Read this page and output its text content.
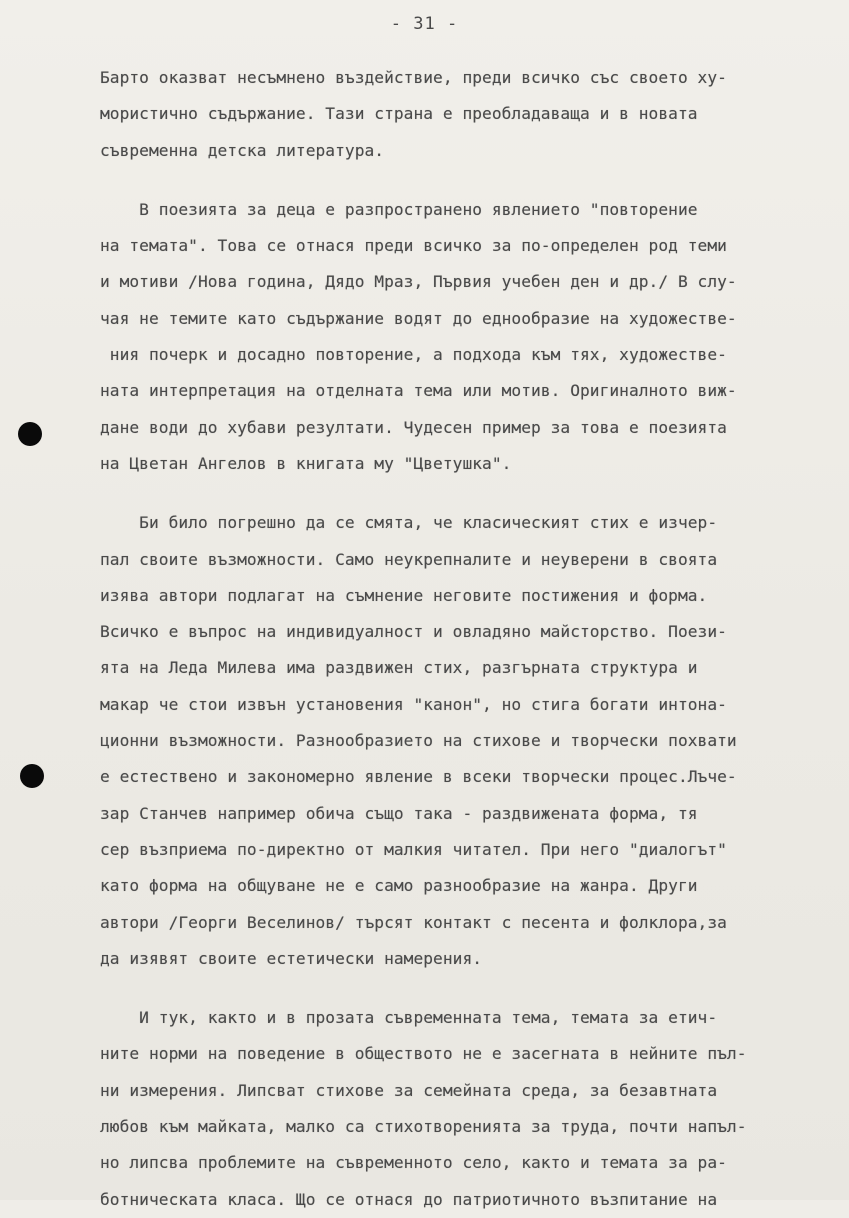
- 31 -
Барто оказват несъмнено въздействие, преди всичко със своето ху-
мористично съдържание. Тази страна е преобладаваща и в новата
съвременна детска литература.
В поезията за деца е разпространено явлението "повторение
на темата". Това се отнася преди всичко за по-определен род теми
и мотиви /Нова година, Дядо Мраз, Първия учебен ден и др./ В слу-
чая не темите като съдържание водят до еднообразие на художестве-
ния почерк и досадно повторение, а подхода към тях, художестве-
ната интерпретация на отделната тема или мотив. Оригиналното виж-
дане води до хубави резултати. Чудесен пример за това е поезията
на Цветан Ангелов в книгата му "Цветушка".
Би било погрешно да се смята, че класическият стих е изчер-
пал своите възможности. Само неукрепналите и неуверени в своята
изява автори подлагат на съмнение неговите постижения и форма.
Всичко е въпрос на индивидуалност и овладяно майсторство. Поези-
ята на Леда Милева има раздвижен стих, разгърната структура и
макар че стои извън установения "канон", но стига богати интона-
ционни възможности. Разнообразието на стихове и творчески похвати
е естествено и закономерно явление в всеки творчески процес.Лъче-
зар Станчев например обича също така - раздвижената форма, тя
сер възприема по-директно от малкия читател. При него "диалогът"
като форма на общуване не е само разнообразие на жанра. Други
автори /Георги Веселинов/ търсят контакт с песента и фолклора,за
да изявят своите естетически намерения.
И тук, както и в прозата съвременната тема, темата за етич-
ните норми на поведение в обществото не е засегната в нейните пъл-
ни измерения. Липсват стихове за семейната среда, за безавтната
любов към майката, малко са стихотворенията за труда, почти напъл-
но липсва проблемите на съвременното село, както и темата за ра-
ботническата класа. Що се отнася до патриотичното възпитание на
